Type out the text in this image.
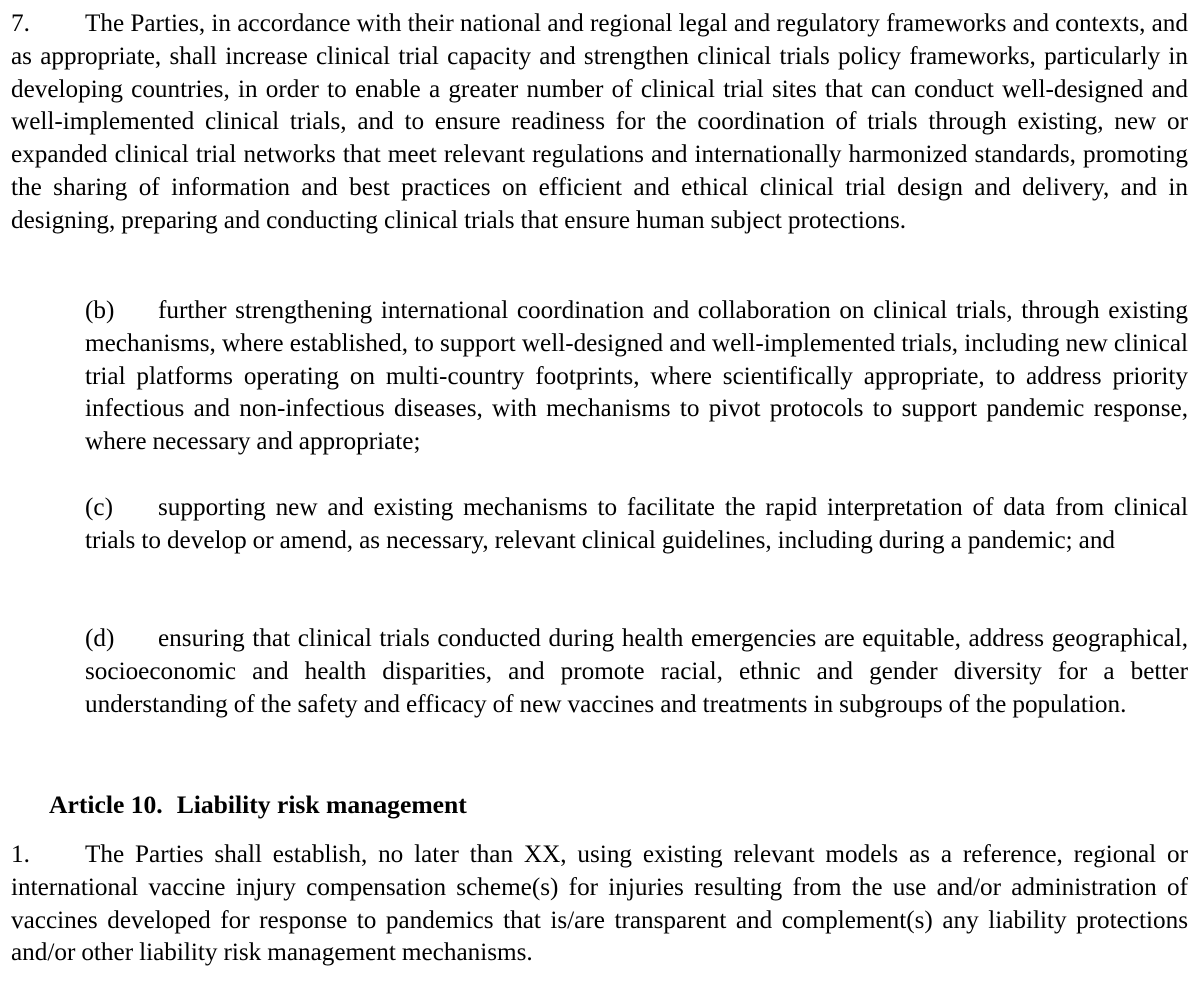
7. The Parties, in accordance with their national and regional legal and regulatory frameworks and contexts, and as appropriate, shall increase clinical trial capacity and strengthen clinical trials policy frameworks, particularly in developing countries, in order to enable a greater number of clinical trial sites that can conduct well-designed and well-implemented clinical trials, and to ensure readiness for the coordination of trials through existing, new or expanded clinical trial networks that meet relevant regulations and internationally harmonized standards, promoting the sharing of information and best practices on efficient and ethical clinical trial design and delivery, and in designing, preparing and conducting clinical trials that ensure human subject protections.
(b) further strengthening international coordination and collaboration on clinical trials, through existing mechanisms, where established, to support well-designed and well-implemented trials, including new clinical trial platforms operating on multi-country footprints, where scientifically appropriate, to address priority infectious and non-infectious diseases, with mechanisms to pivot protocols to support pandemic response, where necessary and appropriate;
(c) supporting new and existing mechanisms to facilitate the rapid interpretation of data from clinical trials to develop or amend, as necessary, relevant clinical guidelines, including during a pandemic; and
(d) ensuring that clinical trials conducted during health emergencies are equitable, address geographical, socioeconomic and health disparities, and promote racial, ethnic and gender diversity for a better understanding of the safety and efficacy of new vaccines and treatments in subgroups of the population.
Article 10. Liability risk management
1. The Parties shall establish, no later than XX, using existing relevant models as a reference, regional or international vaccine injury compensation scheme(s) for injuries resulting from the use and/or administration of vaccines developed for response to pandemics that is/are transparent and complement(s) any liability protections and/or other liability risk management mechanisms.
